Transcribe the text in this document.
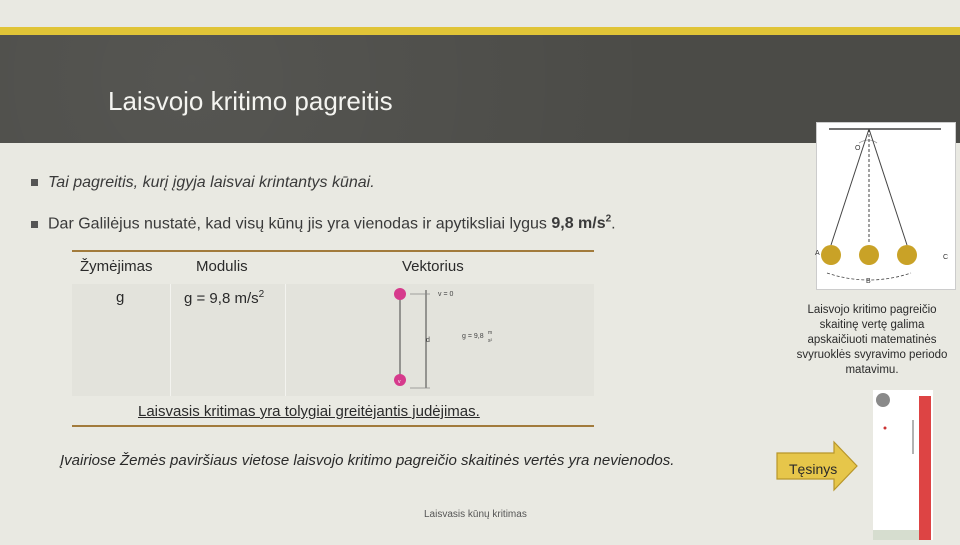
Laisvojo kritimo pagreitis
Tai pagreitis, kurį įgyja laisvai krintantys kūnai.
Dar Galilėjus nustatė, kad visų kūnų jis yra vienodas ir apytiksliai lygus 9,8 $m/s^2$.
Žymėjimas	Modulis	Vektorius
g	g = 9,8 $m/s^2$	v = 0
d
g = 9,8 m
s²
v
Laisvasis kritimas yra tolygiai greitėjantis judėjimas.
Įvairiose Žemės paviršiaus vietose laisvojo kritimo pagreičio skaitinės vertės yra nevienodos.
Laisvasis kūnų kritimas
O
A
B
C
Laisvojo kritimo pagreičio skaitinę vertę galima apskaičiuoti matematinės svyruoklės svyravimo periodo matavimu.
Tęsinys
